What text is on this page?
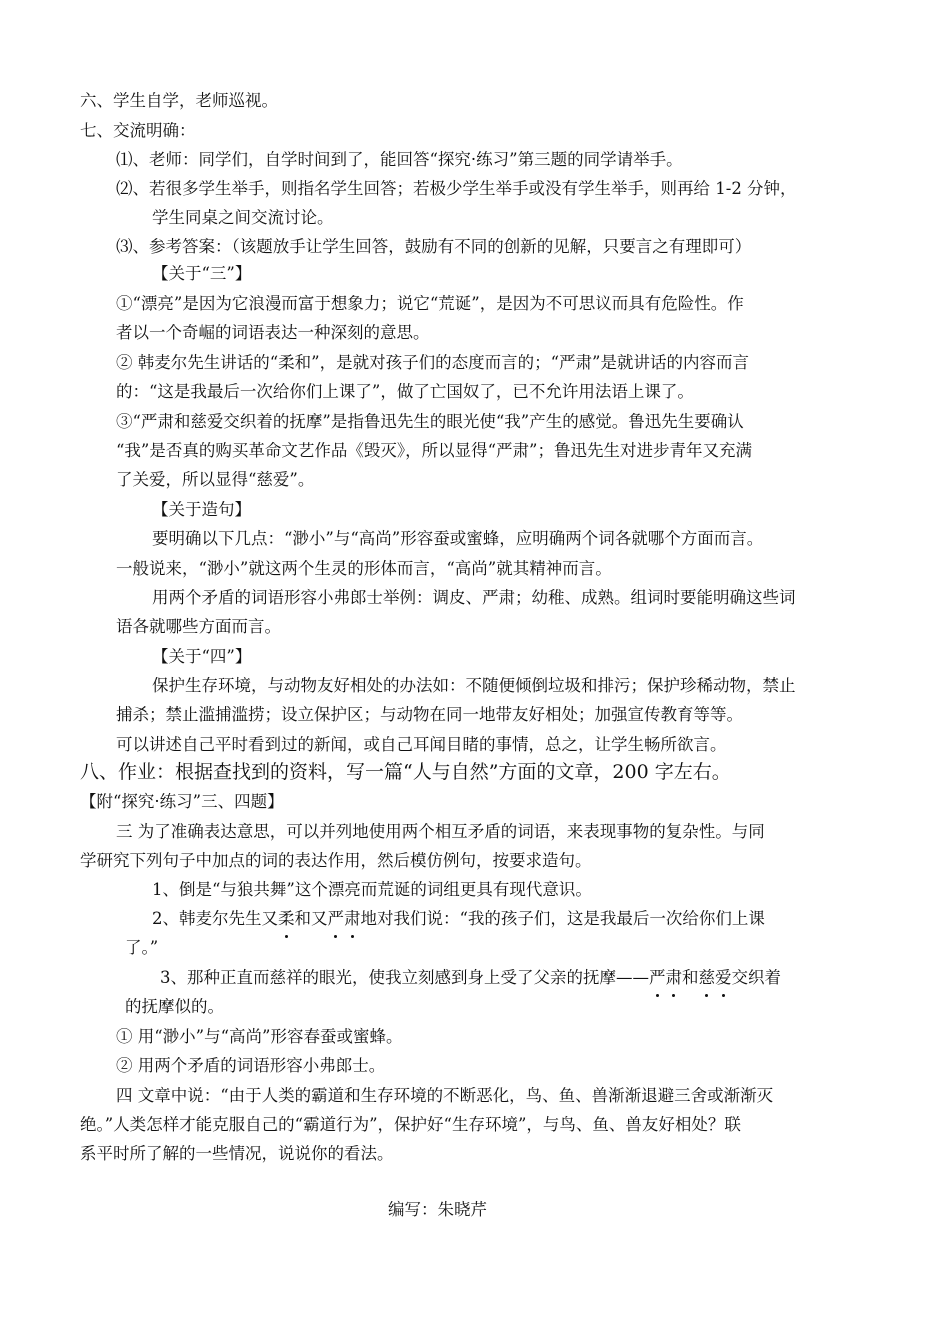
六、学生自学，老师巡视。
七、交流明确：
⑴、老师：同学们，自学时间到了，能回答“探究·练习”第三题的同学请举手。
⑵、若很多学生举手，则指名学生回答；若极少学生举手或没有学生举手，则再给 1-2 分钟，
学生同桌之间交流讨论。
⑶、参考答案：（该题放手让学生回答，鼓励有不同的创新的见解，只要言之有理即可）
【关于“三”】
①“漂亮”是因为它浪漫而富于想象力；说它“荒诞”，是因为不可思议而具有危险性。作
者以一个奇崛的词语表达一种深刻的意思。
② 韩麦尔先生讲话的“柔和”，是就对孩子们的态度而言的；“严肃”是就讲话的内容而言
的：“这是我最后一次给你们上课了”，做了亡国奴了，已不允许用法语上课了。
③“严肃和慈爱交织着的抚摩”是指鲁迅先生的眼光使“我”产生的感觉。鲁迅先生要确认
“我”是否真的购买革命文艺作品《毁灭》，所以显得“严肃”；鲁迅先生对进步青年又充满
了关爱，所以显得“慈爱”。
【关于造句】
要明确以下几点：“渺小”与“高尚”形容蚕或蜜蜂，应明确两个词各就哪个方面而言。
一般说来，“渺小”就这两个生灵的形体而言，“高尚”就其精神而言。
用两个矛盾的词语形容小弗郎士举例：调皮、严肃；幼稚、成熟。组词时要能明确这些词
语各就哪些方面而言。
【关于“四”】
保护生存环境，与动物友好相处的办法如：不随便倾倒垃圾和排污；保护珍稀动物，禁止
捕杀；禁止滥捕滥捞；设立保护区；与动物在同一地带友好相处；加强宣传教育等等。
可以讲述自己平时看到过的新闻，或自己耳闻目睹的事情，总之，让学生畅所欲言。
八、作业：根据查找到的资料，写一篇“人与自然”方面的文章，200 字左右。
【附“探究·练习”三、四题】
三 为了准确表达意思，可以并列地使用两个相互矛盾的词语，来表现事物的复杂性。与同
学研究下列句子中加点的词的表达作用，然后模仿例句，按要求造句。
1、倒是“与狼共舞”这个漂亮而荒诞的词组更具有现代意识。
2、韩麦尔先生又柔和又严肃地对我们说：“我的孩子们，这是我最后一次给你们上课
了。”
3、那种正直而慈祥的眼光，使我立刻感到身上受了父亲的抚摩——严肃和慈爱交织着
的抚摩似的。
① 用“渺小”与“高尚”形容春蚕或蜜蜂。
② 用两个矛盾的词语形容小弗郎士。
四 文章中说：“由于人类的霸道和生存环境的不断恶化，鸟、鱼、兽渐渐退避三舍或渐渐灭
绝。”人类怎样才能克服自己的“霸道行为”，保护好“生存环境”，与鸟、鱼、兽友好相处？联
系平时所了解的一些情况，说说你的看法。
编写：朱晓芹
